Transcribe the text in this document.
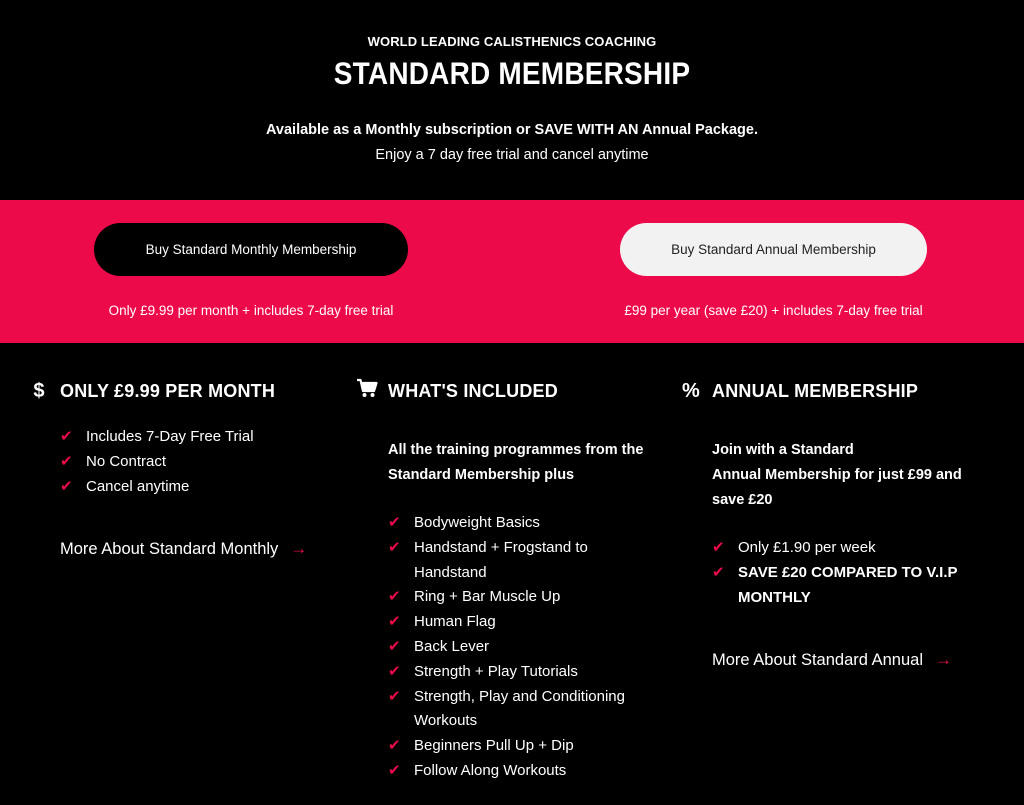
WORLD LEADING CALISTHENICS COACHING
STANDARD MEMBERSHIP

Available as a Monthly subscription or SAVE WITH AN Annual Package.

Enjoy a 7 day free trial and cancel anytime

Buy Standard Monthly Membership	Buy Standard Annual Membership

Only £9.99 per month + includes 7-day free trial	£99 per year (save £20) + includes 7-day free trial

$ ONLY £9.99 PER MONTH
✔ Includes 7-Day Free Trial
✔ No Contract
✔ Cancel anytime
More About Standard Monthly →
WHAT'S INCLUDED
All the training programmes from the
Standard Membership plus
✔ Bodyweight Basics
✔ Handstand + Frogstand to
Handstand
✔ Ring + Bar Muscle Up
✔ Human Flag
✔ Back Lever
✔ Strength + Play Tutorials
✔ Strength, Play and Conditioning
Workouts
✔ Beginners Pull Up + Dip
✔ Follow Along Workouts
% ANNUAL MEMBERSHIP
Join with a Standard
Annual Membership for just £99 and
save £20
✔ Only £1.90 per week
✔ SAVE £20 COMPARED TO V.I.P
MONTHLY
More About Standard Annual →
